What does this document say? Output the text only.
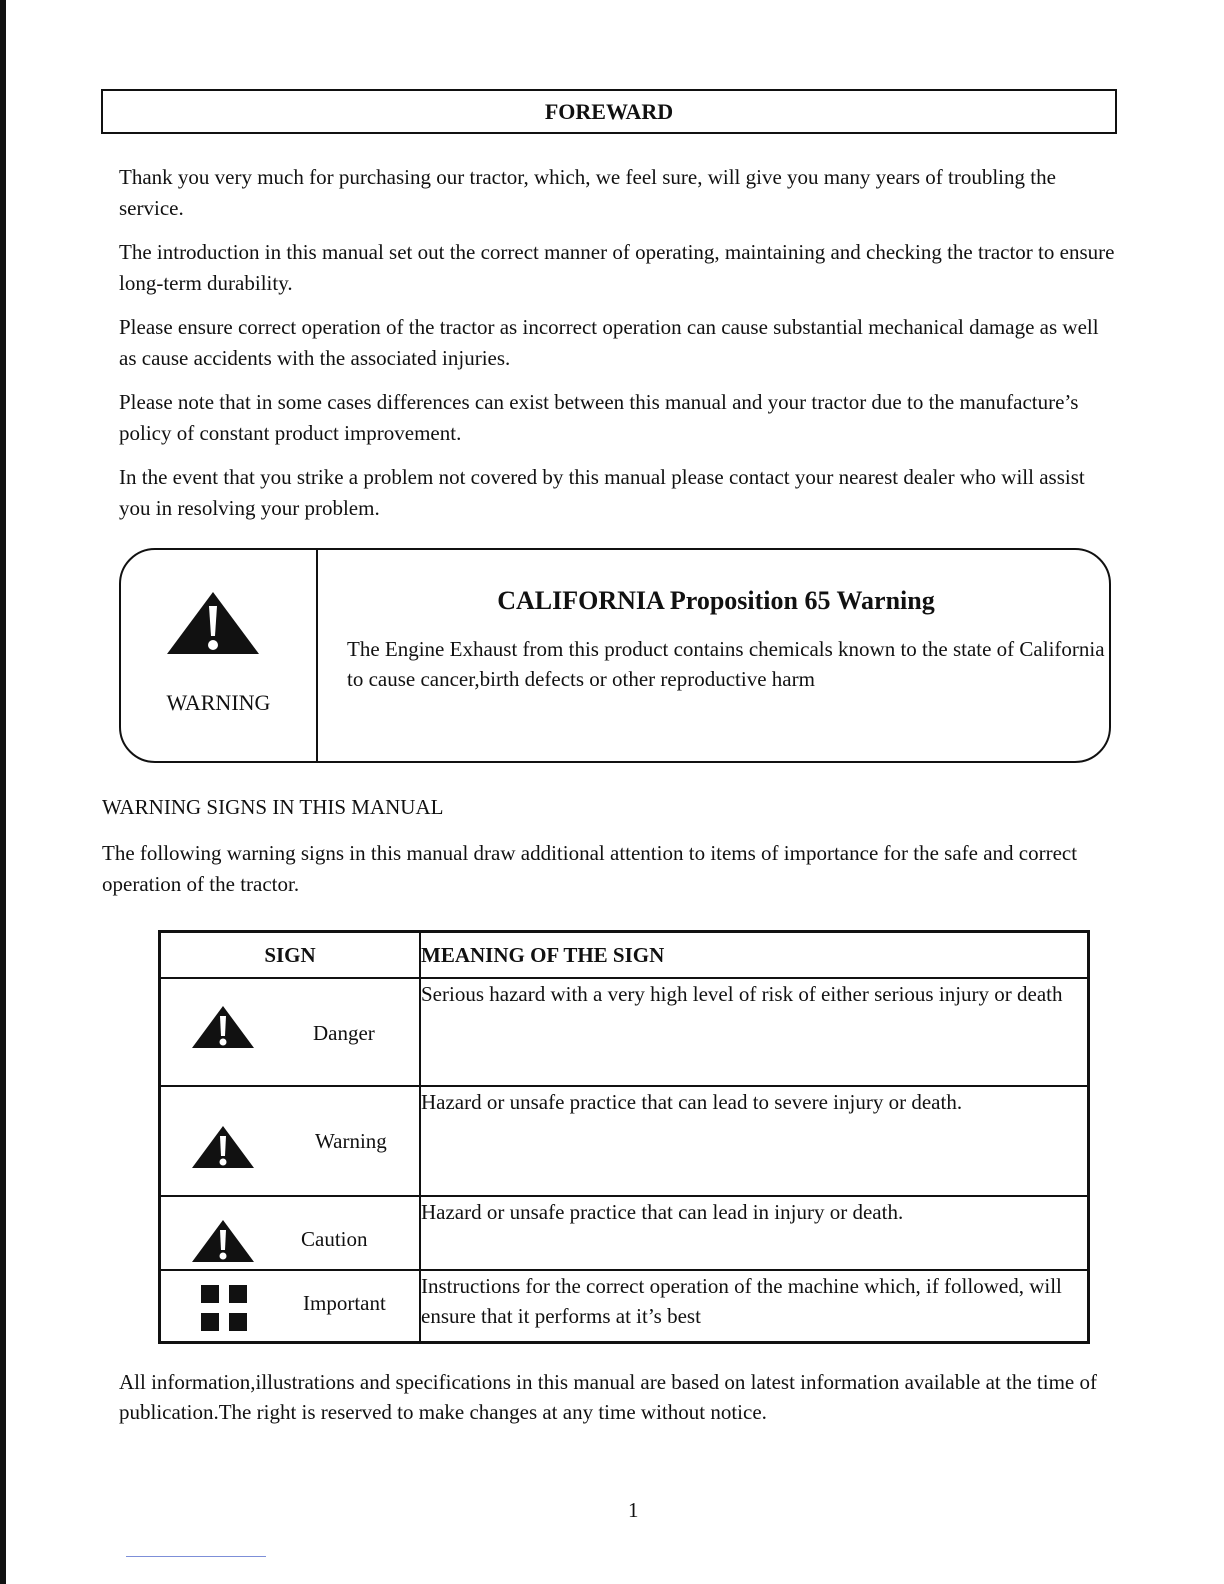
FOREWARD

Thank you very much for purchasing our tractor, which, we feel sure, will give you many years of troubling the service.

The introduction in this manual set out the correct manner of operating, maintaining and checking the tractor to ensure long-term durability.

Please ensure correct operation of the tractor as incorrect operation can cause substantial mechanical damage as well as cause accidents with the associated injuries.

Please note that in some cases differences can exist between this manual and your tractor due to the manufacture’s policy of constant product improvement.

In the event that you strike a problem not covered by this manual please contact your nearest dealer who will assist you in resolving your problem.

WARNING
CALIFORNIA Proposition 65 Warning
The Engine Exhaust from this product contains chemicals known to the state of California to cause cancer,birth defects or other reproductive harm
WARNING SIGNS IN THIS MANUAL

The following warning signs in this manual draw additional attention to items of importance for the safe and correct operation of the tractor.

SIGN	MEANING OF THE SIGN

Danger	Serious hazard with a very high level of risk of either serious injury or death

Warning	Hazard or unsafe practice that can lead to severe injury or death.

Caution	Hazard or unsafe practice that can lead in injury or death.

Important	Instructions for the correct operation of the machine which, if followed, will ensure that it performs at it’s best

All information,illustrations and specifications in this manual are based on latest information available at the time of publication.The right is reserved to make changes at any time without notice.

1
